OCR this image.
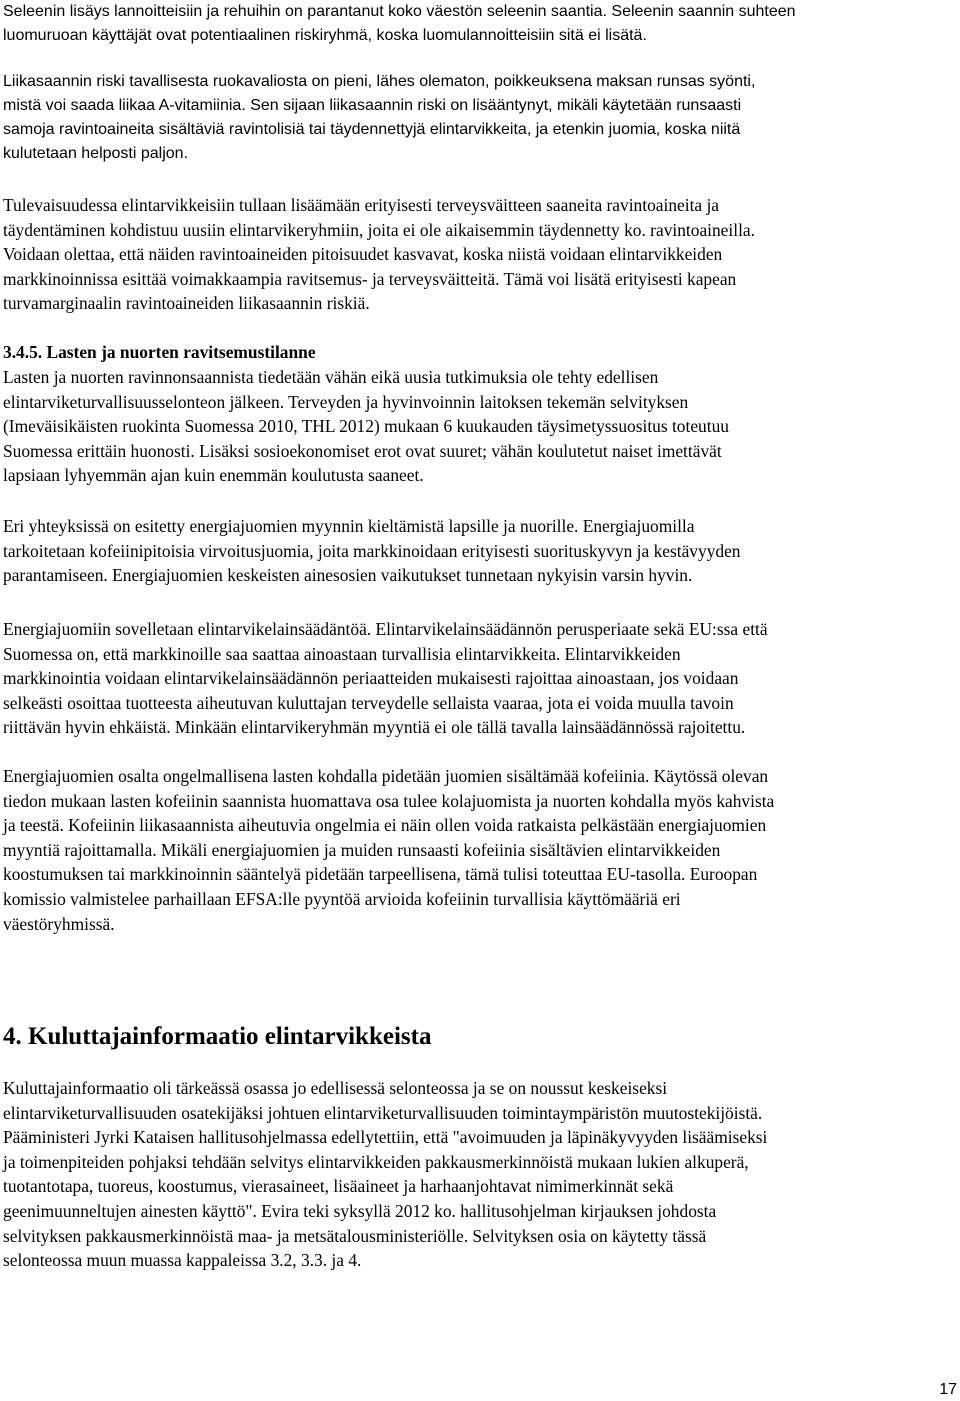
Seleenin lisäys lannoitteisiin ja rehuihin on parantanut koko väestön seleenin saantia. Seleenin saannin suhteen
luomuruoan käyttäjät ovat potentiaalinen riskiryhmä, koska luomulannoitteisiin sitä ei lisätä.

Liikasaannin riski tavallisesta ruokavaliosta on pieni, lähes olematon, poikkeuksena maksan runsas syönti,
mistä voi saada liikaa A-vitamiinia. Sen sijaan liikasaannin riski on lisääntynyt, mikäli käytetään runsaasti
samoja ravintoaineita sisältäviä ravintolisiä tai täydennettyjä elintarvikkeita, ja etenkin juomia, koska niitä
kulutetaan helposti paljon.

Tulevaisuudessa elintarvikkeisiin tullaan lisäämään erityisesti terveysväitteen saaneita ravintoaineita ja
täydentäminen kohdistuu uusiin elintarvikeryhmiin, joita ei ole aikaisemmin täydennetty ko. ravintoaineilla.
Voidaan olettaa, että näiden ravintoaineiden pitoisuudet kasvavat, koska niistä voidaan elintarvikkeiden
markkinoinnissa esittää voimakkaampia ravitsemus- ja terveysväitteitä. Tämä voi lisätä erityisesti kapean
turvamarginaalin ravintoaineiden liikasaannin riskiä.

3.4.5. Lasten ja nuorten ravitsemustilanne

Lasten ja nuorten ravinnonsaannista tiedetään vähän eikä uusia tutkimuksia ole tehty edellisen
elintarviketurvallisuusselonteon jälkeen. Terveyden ja hyvinvoinnin laitoksen tekemän selvityksen
(Imeväisikäisten ruokinta Suomessa 2010, THL 2012) mukaan 6 kuukauden täysimetyssuositus toteutuu
Suomessa erittäin huonosti. Lisäksi sosioekonomiset erot ovat suuret; vähän koulutetut naiset imettävät
lapsiaan lyhyemmän ajan kuin enemmän koulutusta saaneet.

Eri yhteyksissä on esitetty energiajuomien myynnin kieltämistä lapsille ja nuorille. Energiajuomilla
tarkoitetaan kofeiinipitoisia virvoitusjuomia, joita markkinoidaan erityisesti suorituskyvyn ja kestävyyden
parantamiseen. Energiajuomien keskeisten ainesosien vaikutukset tunnetaan nykyisin varsin hyvin.

Energiajuomiin sovelletaan elintarvikelainsäädäntöä. Elintarvikelainsäädännön perusperiaate sekä EU:ssa että
Suomessa on, että markkinoille saa saattaa ainoastaan turvallisia elintarvikkeita. Elintarvikkeiden
markkinointia voidaan elintarvikelainsäädännön periaatteiden mukaisesti rajoittaa ainoastaan, jos voidaan
selkeästi osoittaa tuotteesta aiheutuvan kuluttajan terveydelle sellaista vaaraa, jota ei voida muulla tavoin
riittävän hyvin ehkäistä. Minkään elintarvikeryhmän myyntiä ei ole tällä tavalla lainsäädännössä rajoitettu.

Energiajuomien osalta ongelmallisena lasten kohdalla pidetään juomien sisältämää kofeiinia. Käytössä olevan
tiedon mukaan lasten kofeiinin saannista huomattava osa tulee kolajuomista ja nuorten kohdalla myös kahvista
ja teestä. Kofeiinin liikasaannista aiheutuvia ongelmia ei näin ollen voida ratkaista pelkästään energiajuomien
myyntiä rajoittamalla. Mikäli energiajuomien ja muiden runsaasti kofeiinia sisältävien elintarvikkeiden
koostumuksen tai markkinoinnin sääntelyä pidetään tarpeellisena, tämä tulisi toteuttaa EU-tasolla. Euroopan
komissio valmistelee parhaillaan EFSA:lle pyyntöä arvioida kofeiinin turvallisia käyttömääriä eri
väestöryhmissä.

4. Kuluttajainformaatio elintarvikkeista

Kuluttajainformaatio oli tärkeässä osassa jo edellisessä selonteossa ja se on noussut keskeiseksi
elintarviketurvallisuuden osatekijäksi johtuen elintarviketurvallisuuden toimintaympäristön muutostekijöistä.
Pääministeri Jyrki Kataisen hallitusohjelmassa edellytettiin, että "avoimuuden ja läpinäkyvyyden lisäämiseksi
ja toimenpiteiden pohjaksi tehdään selvitys elintarvikkeiden pakkausmerkinnöistä mukaan lukien alkuperä,
tuotantotapa, tuoreus, koostumus, vierasaineet, lisäaineet ja harhaanjohtavat nimimerkinnät sekä
geenimuunneltujen ainesten käyttö". Evira teki syksyllä 2012 ko. hallitusohjelman kirjauksen johdosta
selvityksen pakkausmerkinnöistä maa- ja metsätalousministeriölle. Selvityksen osia on käytetty tässä
selonteossa muun muassa kappaleissa 3.2, 3.3. ja 4.

17
